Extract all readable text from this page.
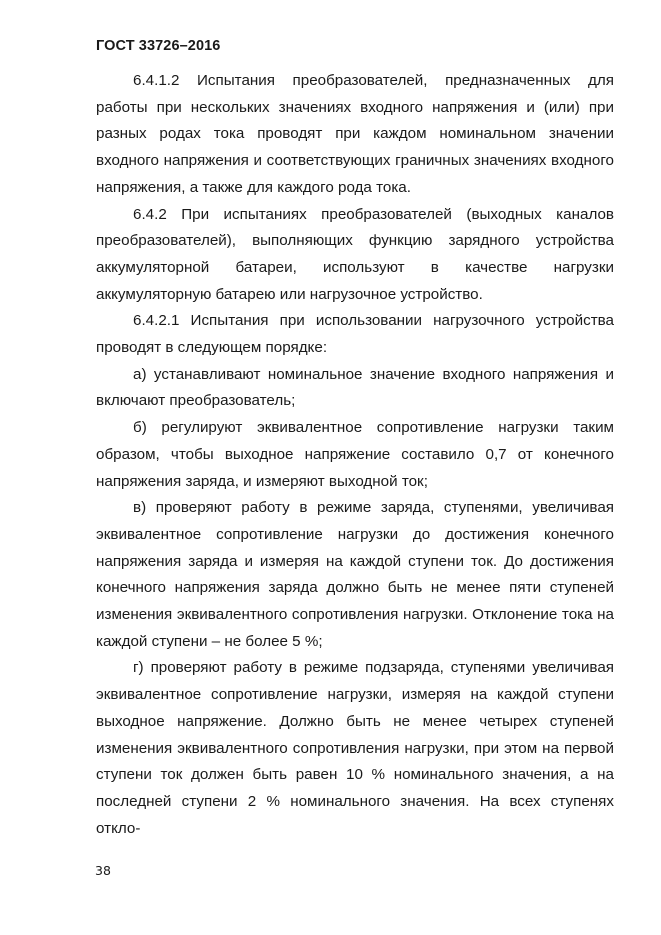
ГОСТ 33726–2016

6.4.1.2 Испытания преобразователей, предназначенных для работы при нескольких значениях входного напряжения и (или) при разных родах тока проводят при каждом номинальном значении входного напряжения и соответствующих граничных значениях входного напряжения, а также для каждого рода тока.

6.4.2 При испытаниях преобразователей (выходных каналов преобразователей), выполняющих функцию зарядного устройства аккумуляторной батареи, используют в качестве нагрузки аккумуляторную батарею или нагрузочное устройство.

6.4.2.1 Испытания при использовании нагрузочного устройства проводят в следующем порядке:

а) устанавливают номинальное значение входного напряжения и включают преобразователь;

б) регулируют эквивалентное сопротивление нагрузки таким образом, чтобы выходное напряжение составило 0,7 от конечного напряжения заряда, и измеряют выходной ток;

в) проверяют работу в режиме заряда, ступенями, увеличивая эквивалентное сопротивление нагрузки до достижения конечного напряжения заряда и измеряя на каждой ступени ток. До достижения конечного напряжения заряда должно быть не менее пяти ступеней изменения эквивалентного сопротивления нагрузки. Отклонение тока на каждой ступени – не более 5 %;

г) проверяют работу в режиме подзаряда, ступенями увеличивая эквивалентное сопротивление нагрузки, измеряя на каждой ступени выходное напряжение. Должно быть не менее четырех ступеней изменения эквивалентного сопротивления нагрузки, при этом на первой ступени ток должен быть равен 10 % номинального значения, а на последней ступени 2 % номинального значения. На всех ступенях откло-

38
